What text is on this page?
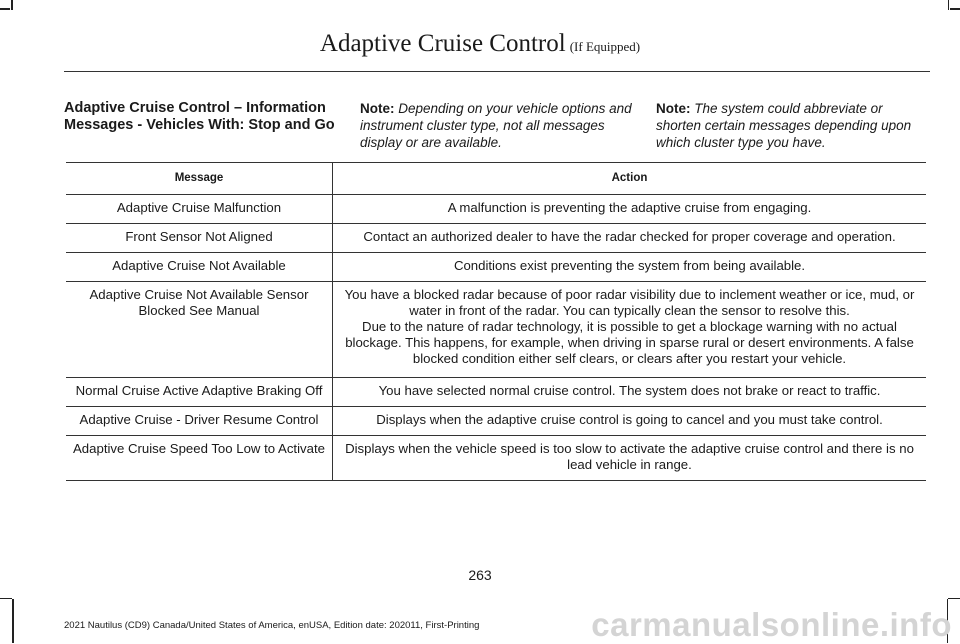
Adaptive Cruise Control (If Equipped)
Adaptive Cruise Control – Information Messages - Vehicles With: Stop and Go
Note: Depending on your vehicle options and instrument cluster type, not all messages display or are available.
Note: The system could abbreviate or shorten certain messages depending upon which cluster type you have.
Message	Action
Adaptive Cruise Malfunction	A malfunction is preventing the adaptive cruise from engaging.

Front Sensor Not Aligned	Contact an authorized dealer to have the radar checked for proper coverage and operation.

Adaptive Cruise Not Available	Conditions exist preventing the system from being available.

Adaptive Cruise Not Available Sensor Blocked See Manual	You have a blocked radar because of poor radar visibility due to inclement weather or ice, mud, or water in front of the radar. You can typically clean the sensor to resolve this.
Due to the nature of radar technology, it is possible to get a blockage warning with no actual blockage. This happens, for example, when driving in sparse rural or desert environments. A false blocked condition either self clears, or clears after you restart your vehicle.

Normal Cruise Active Adaptive Braking Off	You have selected normal cruise control. The system does not brake or react to traffic.

Adaptive Cruise - Driver Resume Control	Displays when the adaptive cruise control is going to cancel and you must take control.

Adaptive Cruise Speed Too Low to Activate	Displays when the vehicle speed is too slow to activate the adaptive cruise control and there is no lead vehicle in range.
263
2021 Nautilus (CD9) Canada/United States of America, enUSA, Edition date: 202011, First-Printing	carmanualsonline.info
